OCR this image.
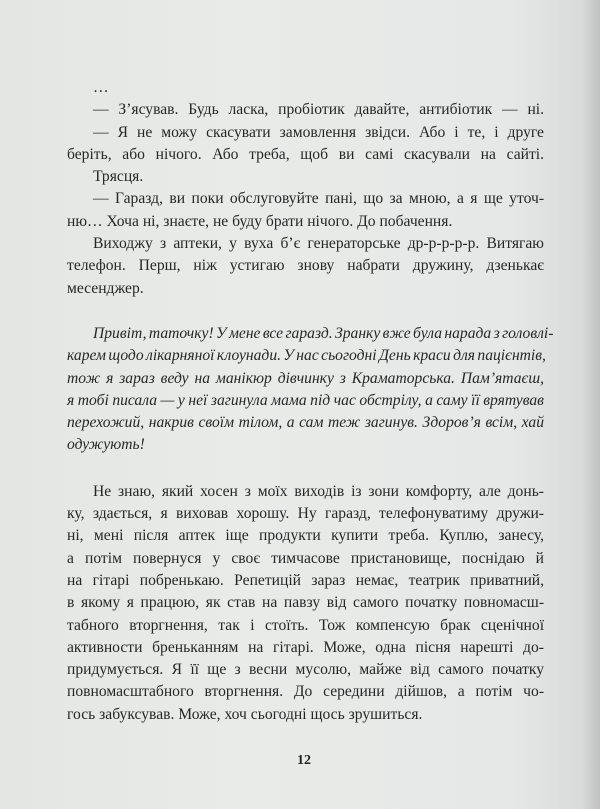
…
— З’ясував. Будь ласка, пробіотик давайте, антибіотик — ні.
— Я не можу скасувати замовлення звідси. Або і те, і друге
беріть, або нічого. Або треба, щоб ви самі скасували на сайті.
Трясця.
— Гаразд, ви поки обслуговуйте пані, що за мною, а я ще уточ-
ню… Хоча ні, знаєте, не буду брати нічого. До побачення.
Виходжу з аптеки, у вуха б’є генераторське др-р-р-р-р. Витягаю
телефон. Перш, ніж устигаю знову набрати дружину, дзенькає
месенджер.
Привіт, таточку! У мене все гаразд. Зранку вже була нарада з головлі-
карем щодо лікарняної клоунади. У нас сьогодні День краси для пацієнтів,
тож я зараз веду на манікюр дівчинку з Краматорська. Пам’ятаєш,
я тобі писала — у неї загинула мама під час обстрілу, а саму її врятував
перехожий, накрив своїм тілом, а сам теж загинув. Здоров’я всім, хай
одужують!
Не знаю, який хосен з моїх виходів із зони комфорту, але донь-
ку, здається, я виховав хорошу. Ну гаразд, телефонуватиму дружи-
ні, мені після аптек іще продукти купити треба. Куплю, занесу,
а потім повернуся у своє тимчасове пристановище, поснідаю й
на гітарі побренькаю. Репетицій зараз немає, театрик приватний,
в якому я працюю, як став на павзу від самого початку повномасш-
табного вторгнення, так і стоїть. Тож компенсую брак сценічної
активности бренькaнням на гітарі. Може, одна пісня нарешті до-
придумується. Я її ще з весни мусолю, майже від самого початку
повномасштабного вторгнення. До середини дійшов, а потім чо-
гось забуксував. Може, хоч сьогодні щось зрушиться.
12
